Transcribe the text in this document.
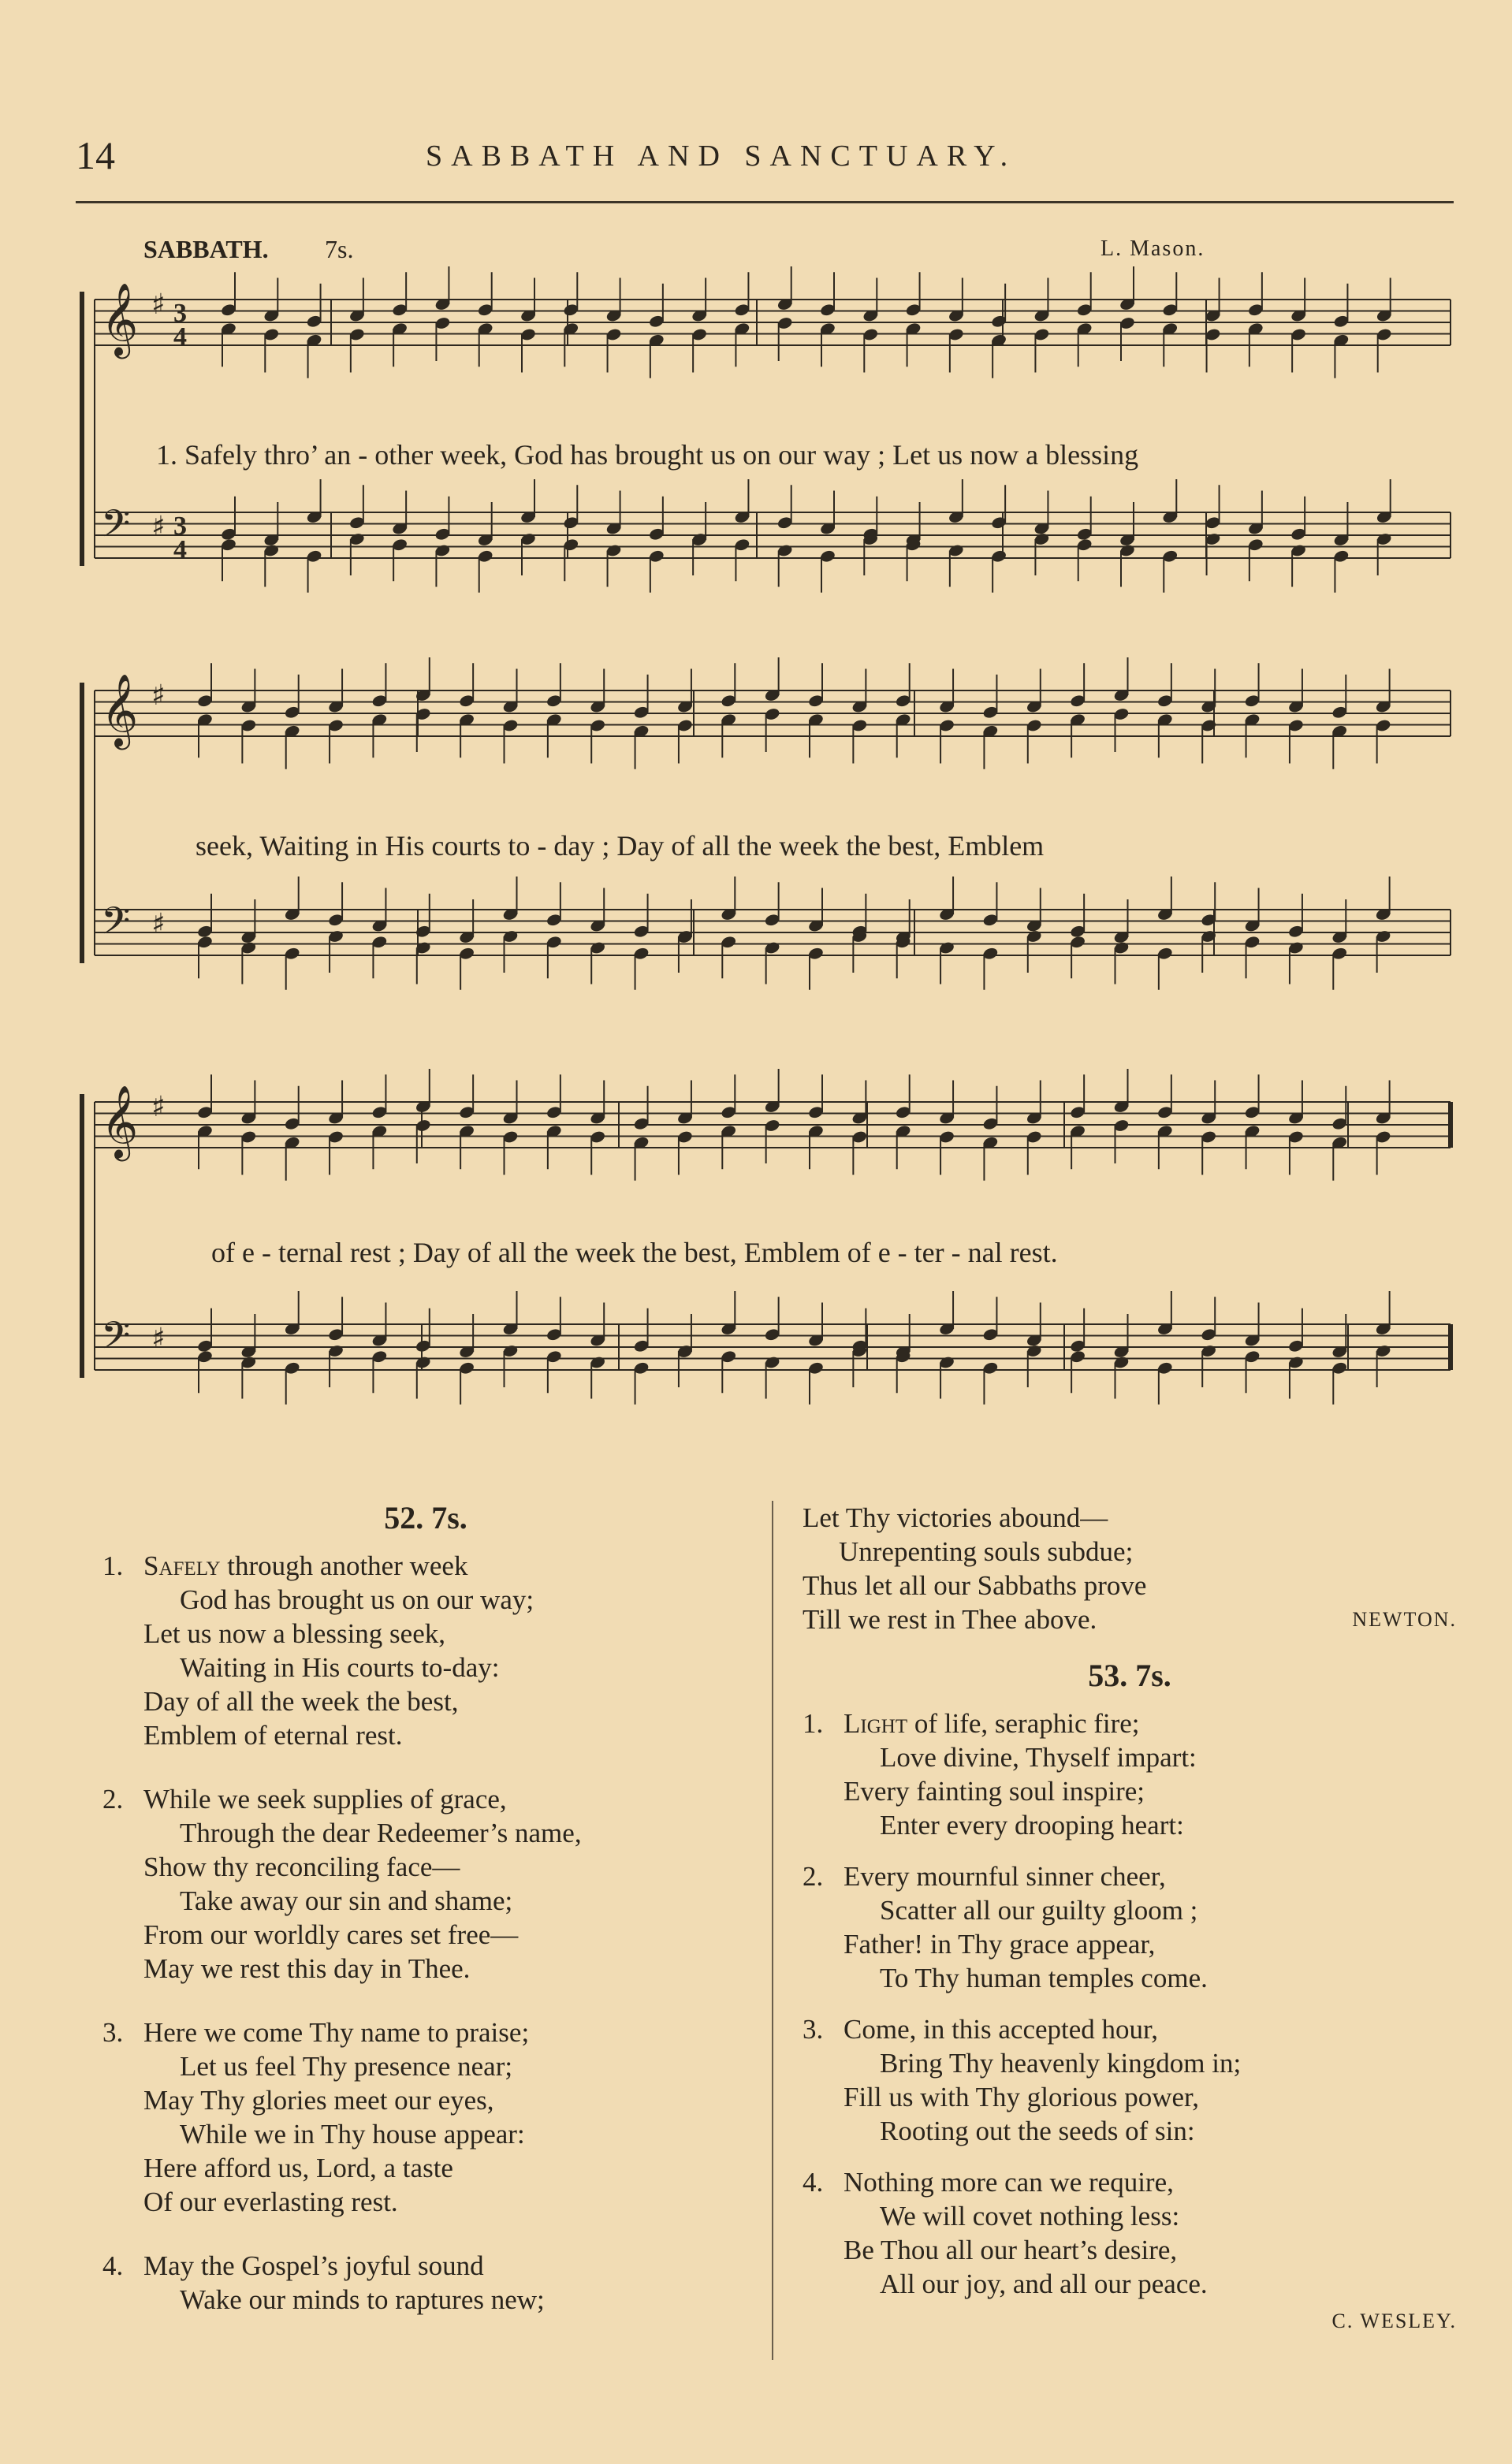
14	SABBATH AND SANCTUARY.
SABBATH. 7s.	L. Mason.
𝄞 ♯
𝄢 ♯
3
4
3
4
𝄞 ♯
𝄢 ♯
𝄞 ♯
𝄢 ♯
1. Safely thro’ an - other week, God has brought us on our way ; Let us now a blessing
seek, Waiting in His courts to - day ; Day of all the week the best, Emblem
of e - ternal rest ; Day of all the week the best, Emblem of e - ter - nal rest.
52. 7s.
1. Safely through another week
God has brought us on our way;
Let us now a blessing seek,
Waiting in His courts to-day:
Day of all the week the best,
Emblem of eternal rest.
2. While we seek supplies of grace,
Through the dear Redeemer’s name,
Show thy reconciling face—
Take away our sin and shame;
From our worldly cares set free—
May we rest this day in Thee.
3. Here we come Thy name to praise;
Let us feel Thy presence near;
May Thy glories meet our eyes,
While we in Thy house appear:
Here afford us, Lord, a taste
Of our everlasting rest.
4. May the Gospel’s joyful sound
Wake our minds to raptures new;
Let Thy victories abound—
Unrepenting souls subdue;
Thus let all our Sabbaths prove
Till we rest in Thee above.	NEWTON.
53. 7s.
1. Light of life, seraphic fire;
Love divine, Thyself impart:
Every fainting soul inspire;
Enter every drooping heart:
2. Every mournful sinner cheer,
Scatter all our guilty gloom ;
Father! in Thy grace appear,
To Thy human temples come.
3. Come, in this accepted hour,
Bring Thy heavenly kingdom in;
Fill us with Thy glorious power,
Rooting out the seeds of sin:
4. Nothing more can we require,
We will covet nothing less:
Be Thou all our heart’s desire,
All our joy, and all our peace.
C. WESLEY.
